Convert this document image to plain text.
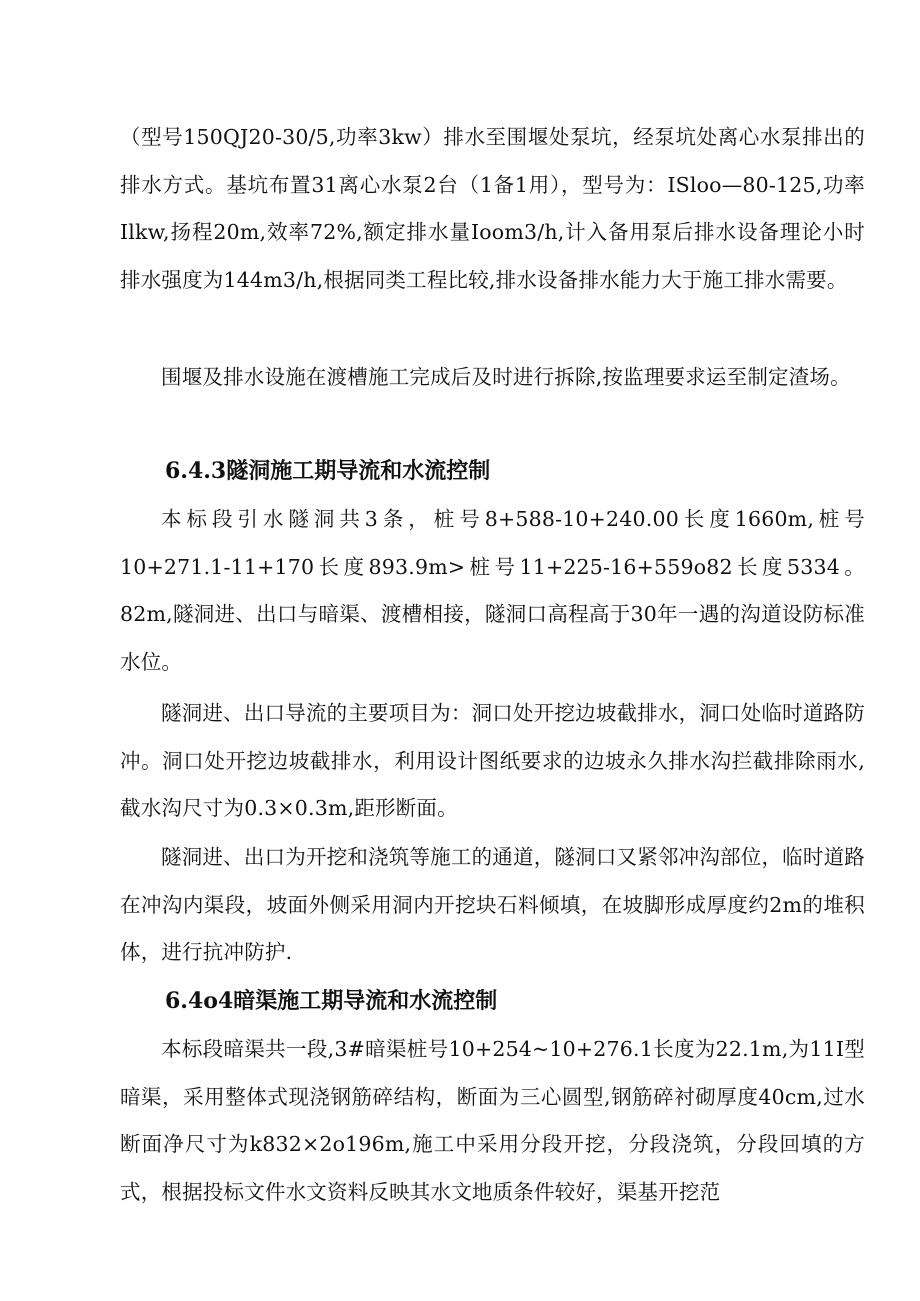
（型号150QJ20-30/5,功率3kw）排水至围堰处泵坑，经泵坑处离心水泵排出的排水方式。基坑布置31离心水泵2台（1备1用），型号为：ISloo—80-125,功率Ilkw,扬程20m,效率72%,额定排水量Ioom3∕h,计入备用泵后排水设备理论小时排水强度为144m3/h,根据同类工程比较,排水设备排水能力大于施工排水需要。

围堰及排水设施在渡槽施工完成后及时进行拆除,按监理要求运至制定渣场。

6.4.3隧洞施工期导流和水流控制

本标段引水隧洞共3条，桩号8+588-10+240.00长度1660m,桩号10+271.1-11+170长度893.9m>桩号11+225-16+559o82长度5334。82m,隧洞进、出口与暗渠、渡槽相接，隧洞口高程高于30年一遇的沟道设防标准水位。

隧洞进、出口导流的主要项目为：洞口处开挖边坡截排水，洞口处临时道路防冲。洞口处开挖边坡截排水，利用设计图纸要求的边坡永久排水沟拦截排除雨水,截水沟尺寸为0.3×0.3m,距形断面。

隧洞进、出口为开挖和浇筑等施工的通道，隧洞口又紧邻冲沟部位，临时道路在冲沟内渠段，坡面外侧采用洞内开挖块石料倾填，在坡脚形成厚度约2m的堆积体，进行抗冲防护.

6.4o4暗渠施工期导流和水流控制

本标段暗渠共一段,3#暗渠桩号10+254~10+276.1长度为22.1m,为11I型暗渠，采用整体式现浇钢筋碎结构，断面为三心圆型,钢筋碎衬砌厚度40cm,过水断面净尺寸为k832×2o196m,施工中采用分段开挖，分段浇筑，分段回填的方式，根据投标文件水文资料反映其水文地质条件较好，渠基开挖范
